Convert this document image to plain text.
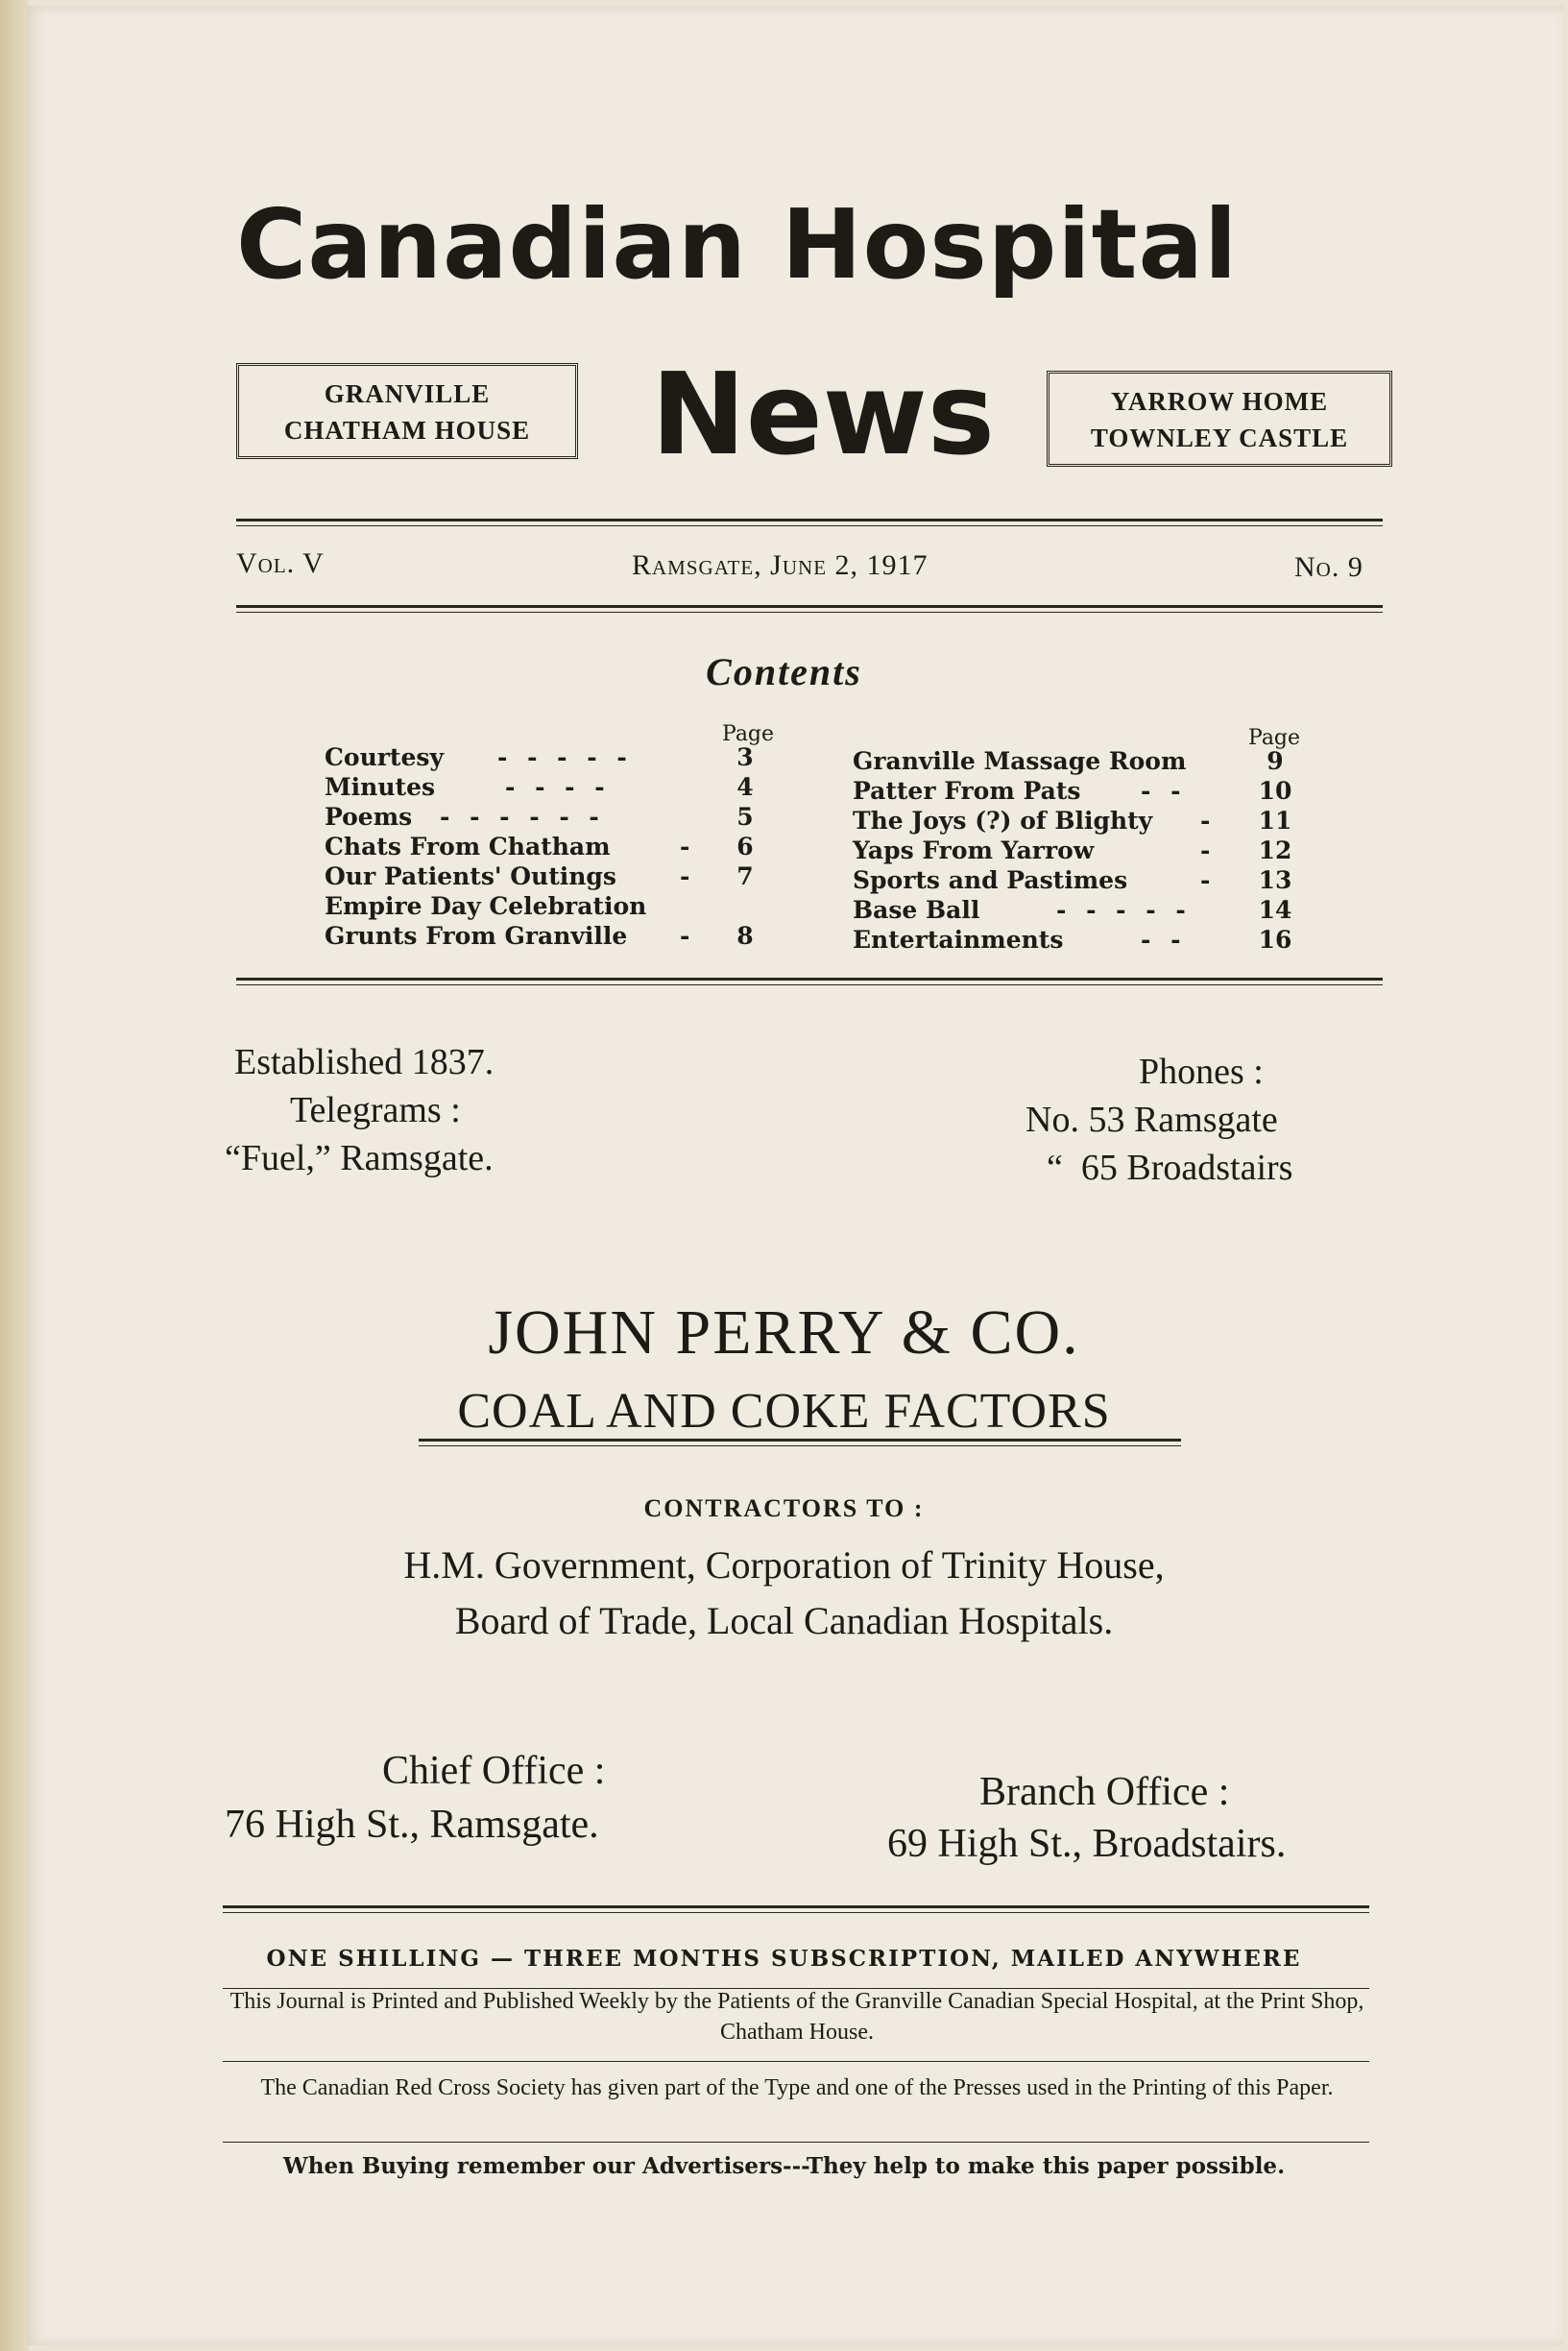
Canadian Hospital
GRANVILLE
CHATHAM HOUSE News	YARROW HOME
TOWNLEY CASTLE
Vol. V	Ramsgate, June 2, 1917	No. 9
Contents
Page	Page
Courtesy - - - - -	3
Minutes	- - - -	4
Poems - - - - - -	5
Chats From Chatham	-	6
Our Patients' Outings	-	7
Empire Day Celebration
Grunts From Granville -	8
Granville Massage Room	9
Patter From Pats	- -	10
The Joys (?) of Blighty - 11
Yaps From Yarrow	- 12
Sports and Pastimes	- 13
Base Ball	- - - - -	14
Entertainments	- -	16
Established 1837.
Telegrams :
“Fuel,” Ramsgate.
Phones :
No. 53 Ramsgate
“  65 Broadstairs
JOHN PERRY & CO.
COAL AND COKE FACTORS
CONTRACTORS TO :
H.M. Government, Corporation of Trinity House,
Board of Trade, Local Canadian Hospitals.
Chief Office :
76 High St., Ramsgate.
Branch Office :
69 High St., Broadstairs.
ONE SHILLING — THREE MONTHS SUBSCRIPTION, MAILED ANYWHERE
This Journal is Printed and Published Weekly by the Patients of the Granville Canadian Special Hospital, at the Print Shop, Chatham House.
The Canadian Red Cross Society has given part of the Type and one of the Presses used in the Printing of this Paper.
When Buying remember our Advertisers---They help to make this paper possible.
